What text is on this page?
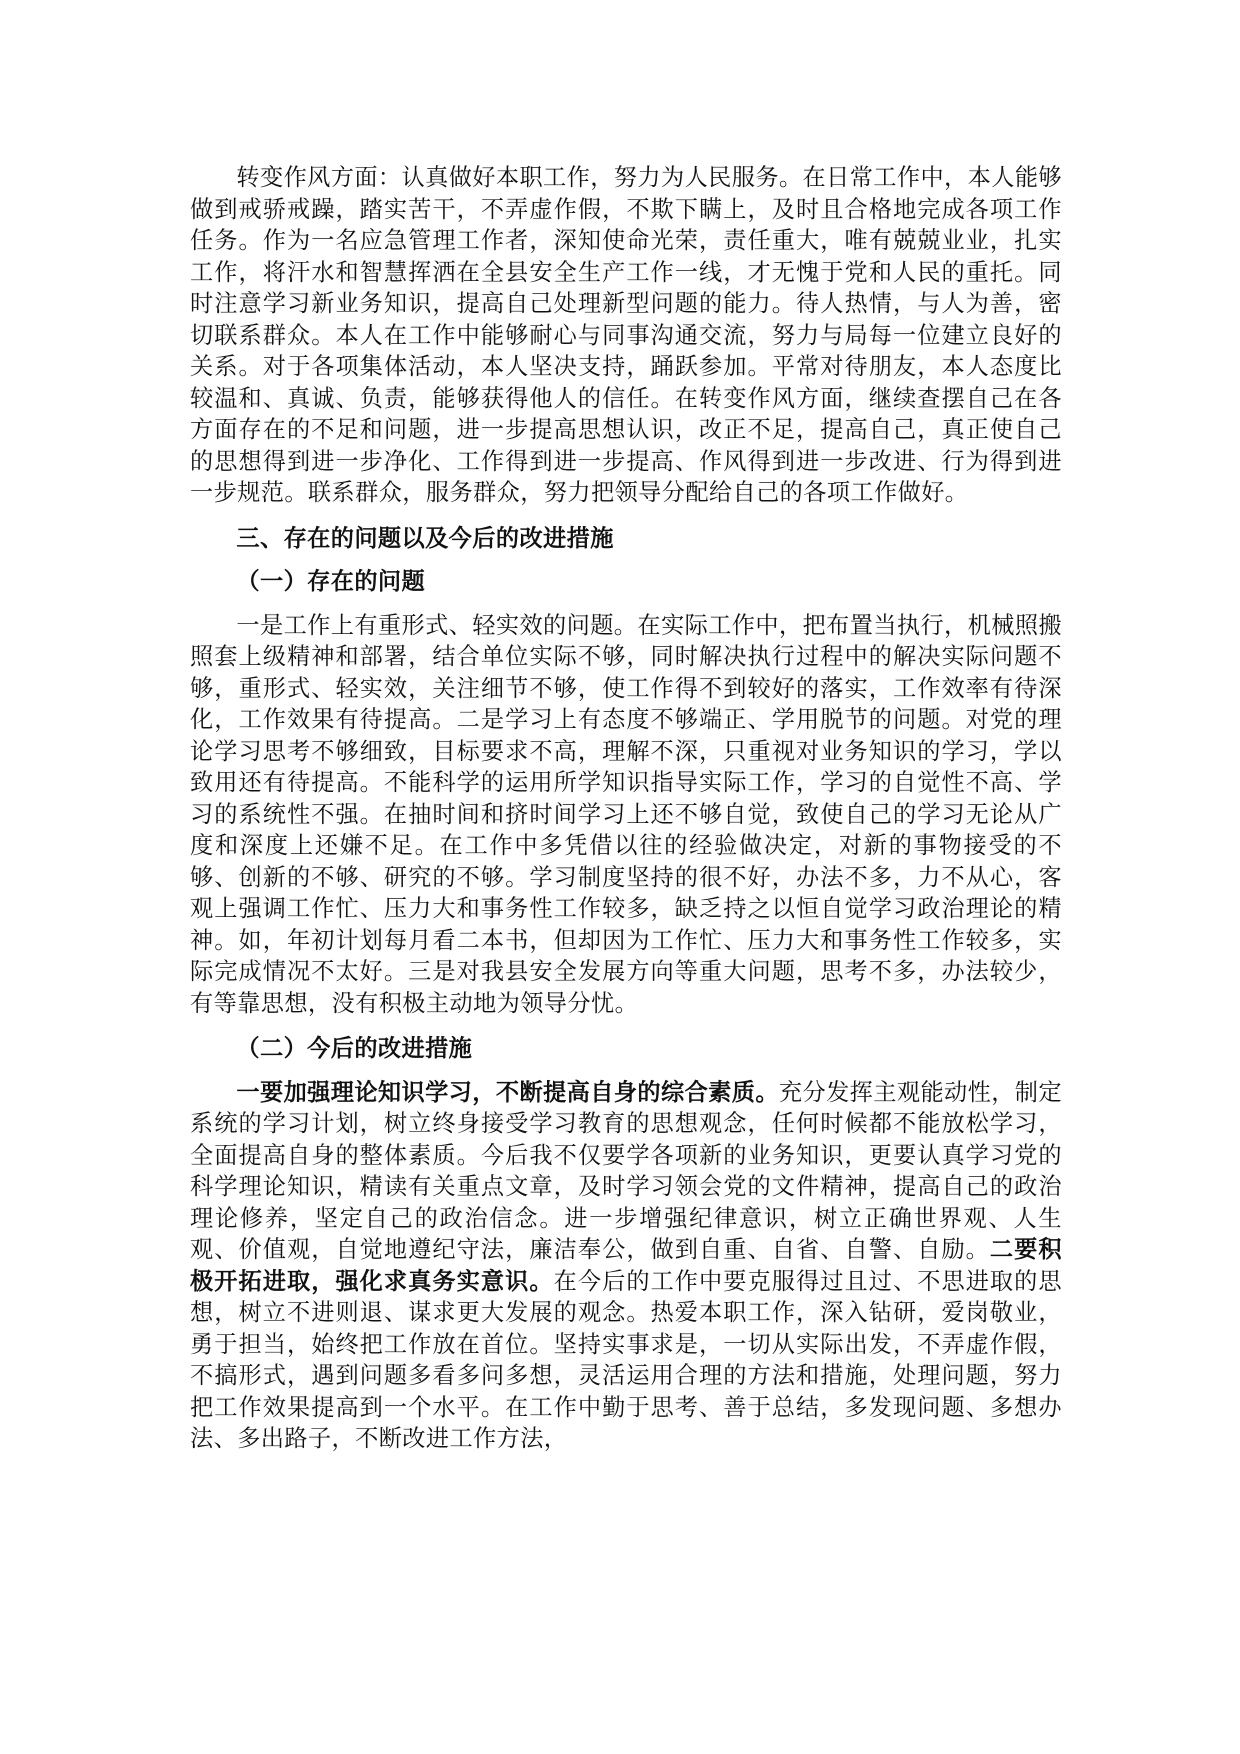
转变作风方面：认真做好本职工作，努力为人民服务。在日常工作中，本人能够做到戒骄戒躁，踏实苦干，不弄虚作假，不欺下瞒上，及时且合格地完成各项工作任务。作为一名应急管理工作者，深知使命光荣，责任重大，唯有兢兢业业，扎实工作，将汗水和智慧挥洒在全县安全生产工作一线，才无愧于党和人民的重托。同时注意学习新业务知识，提高自己处理新型问题的能力。待人热情，与人为善，密切联系群众。本人在工作中能够耐心与同事沟通交流，努力与局每一位建立良好的关系。对于各项集体活动，本人坚决支持，踊跃参加。平常对待朋友，本人态度比较温和、真诚、负责，能够获得他人的信任。在转变作风方面，继续查摆自己在各方面存在的不足和问题，进一步提高思想认识，改正不足，提高自己，真正使自己的思想得到进一步净化、工作得到进一步提高、作风得到进一步改进、行为得到进一步规范。联系群众，服务群众，努力把领导分配给自己的各项工作做好。

三、存在的问题以及今后的改进措施
（一）存在的问题

一是工作上有重形式、轻实效的问题。在实际工作中，把布置当执行，机械照搬照套上级精神和部署，结合单位实际不够，同时解决执行过程中的解决实际问题不够，重形式、轻实效，关注细节不够，使工作得不到较好的落实，工作效率有待深化，工作效果有待提高。二是学习上有态度不够端正、学用脱节的问题。对党的理论学习思考不够细致，目标要求不高，理解不深，只重视对业务知识的学习，学以致用还有待提高。不能科学的运用所学知识指导实际工作，学习的自觉性不高、学习的系统性不强。在抽时间和挤时间学习上还不够自觉，致使自己的学习无论从广度和深度上还嫌不足。在工作中多凭借以往的经验做决定，对新的事物接受的不够、创新的不够、研究的不够。学习制度坚持的很不好，办法不多，力不从心，客观上强调工作忙、压力大和事务性工作较多，缺乏持之以恒自觉学习政治理论的精神。如，年初计划每月看二本书，但却因为工作忙、压力大和事务性工作较多，实际完成情况不太好。三是对我县安全发展方向等重大问题，思考不多，办法较少，有等靠思想，没有积极主动地为领导分忧。

（二）今后的改进措施

一要加强理论知识学习，不断提高自身的综合素质。充分发挥主观能动性，制定系统的学习计划，树立终身接受学习教育的思想观念，任何时候都不能放松学习，全面提高自身的整体素质。今后我不仅要学各项新的业务知识，更要认真学习党的科学理论知识，精读有关重点文章，及时学习领会党的文件精神，提高自己的政治理论修养，坚定自己的政治信念。进一步增强纪律意识，树立正确世界观、人生观、价值观，自觉地遵纪守法，廉洁奉公，做到自重、自省、自警、自励。二要积极开拓进取，强化求真务实意识。在今后的工作中要克服得过且过、不思进取的思想，树立不进则退、谋求更大发展的观念。热爱本职工作，深入钻研，爱岗敬业，勇于担当，始终把工作放在首位。坚持实事求是，一切从实际出发，不弄虚作假，不搞形式，遇到问题多看多问多想，灵活运用合理的方法和措施，处理问题，努力把工作效果提高到一个水平。在工作中勤于思考、善于总结，多发现问题、多想办法、多出路子，不断改进工作方法，
